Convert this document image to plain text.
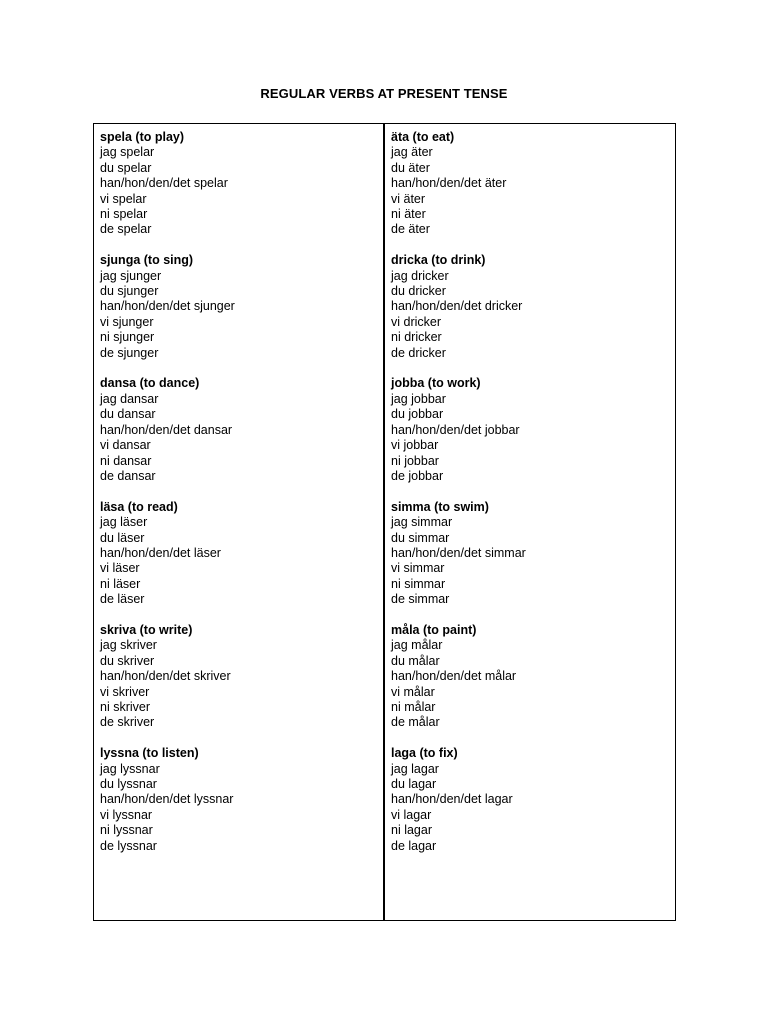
REGULAR VERBS AT PRESENT TENSE
spela (to play)
jag spelar
du spelar
han/hon/den/det spelar
vi spelar
ni spelar
de spelar
sjunga (to sing)
jag sjunger
du sjunger
han/hon/den/det sjunger
vi sjunger
ni sjunger
de sjunger
dansa (to dance)
jag dansar
du dansar
han/hon/den/det dansar
vi dansar
ni dansar
de dansar
läsa (to read)
jag läser
du läser
han/hon/den/det läser
vi läser
ni läser
de läser
skriva (to write)
jag skriver
du skriver
han/hon/den/det skriver
vi skriver
ni skriver
de skriver
lyssna (to listen)
jag lyssnar
du lyssnar
han/hon/den/det lyssnar
vi lyssnar
ni lyssnar
de lyssnar
äta (to eat)
jag äter
du äter
han/hon/den/det äter
vi äter
ni äter
de äter
dricka (to drink)
jag dricker
du dricker
han/hon/den/det dricker
vi dricker
ni dricker
de dricker
jobba (to work)
jag jobbar
du jobbar
han/hon/den/det jobbar
vi jobbar
ni jobbar
de jobbar
simma (to swim)
jag simmar
du simmar
han/hon/den/det simmar
vi simmar
ni simmar
de simmar
måla (to paint)
jag målar
du målar
han/hon/den/det målar
vi målar
ni målar
de målar
laga (to fix)
jag lagar
du lagar
han/hon/den/det lagar
vi lagar
ni lagar
de lagar
